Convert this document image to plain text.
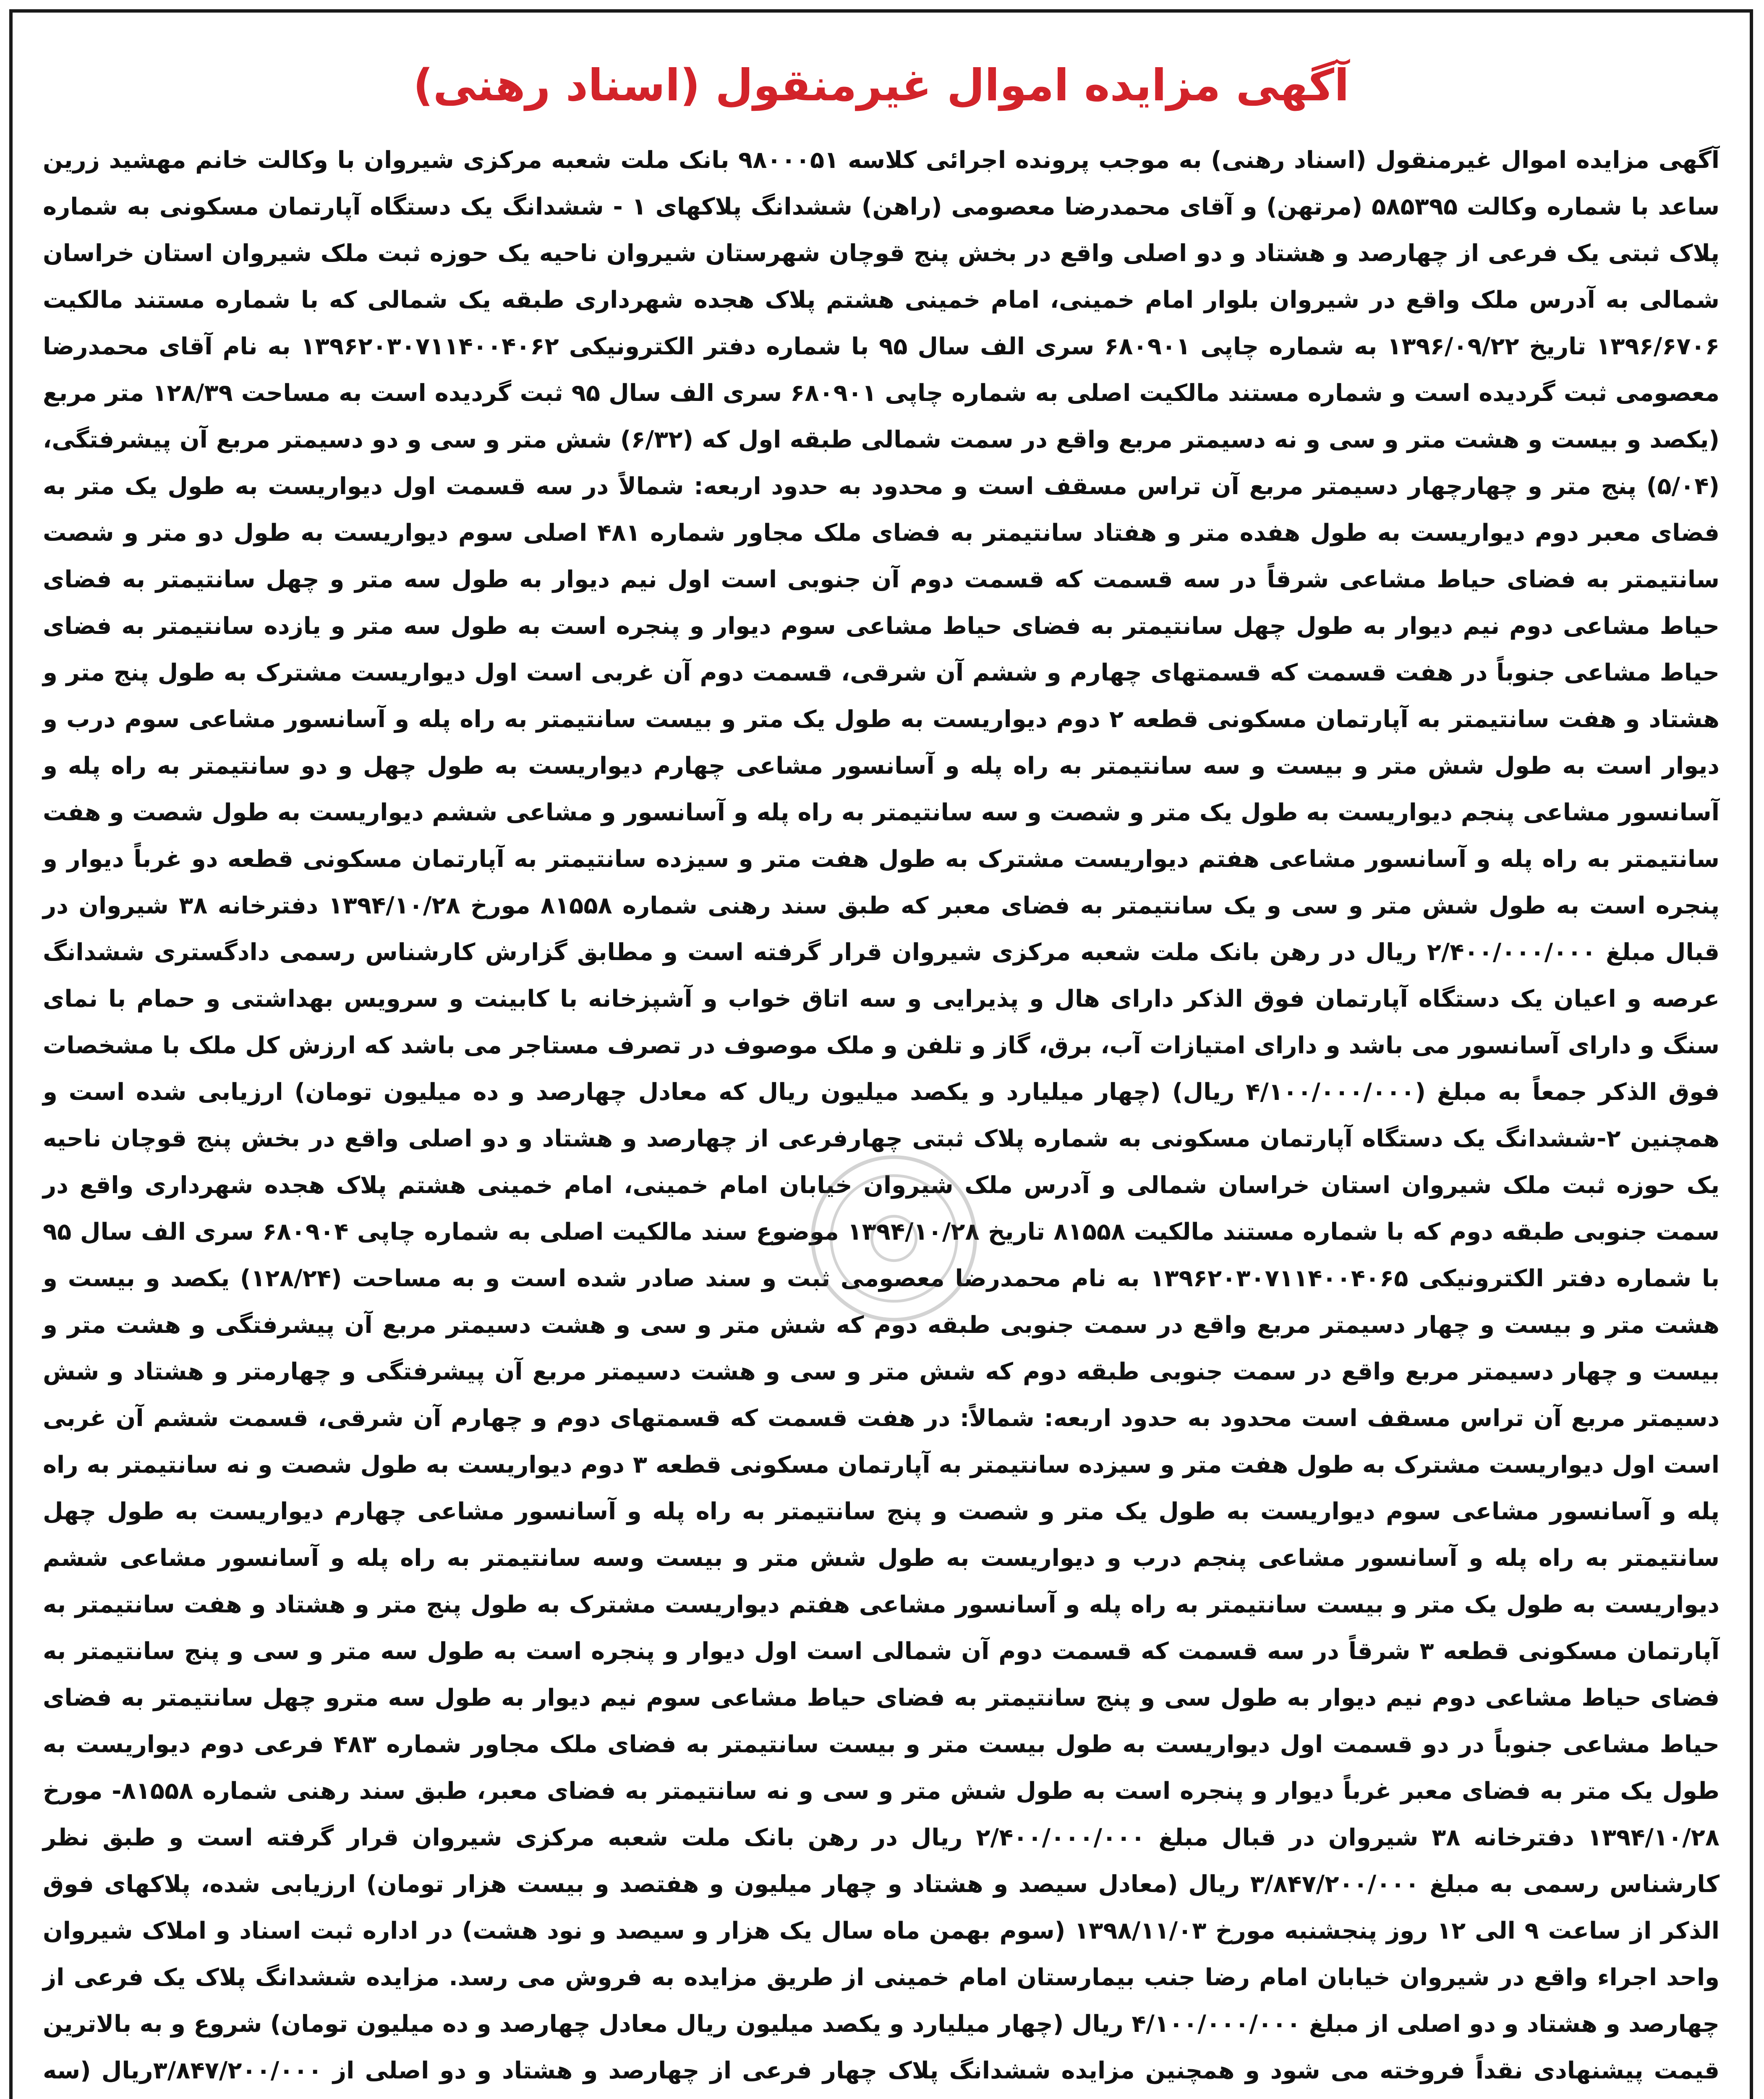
آگهی مزایده اموال غیرمنقول (اسناد رهنی)

آگهی مزایده اموال غیرمنقول (اسناد رهنی) به موجب پرونده اجرائی کلاسه ۹۸۰۰۰۵۱ بانک ملت شعبه مرکزی شیروان با وکالت خانم مهشید زرین ساعد با شماره وکالت ۵۸۵۳۹۵ (مرتهن) و آقای محمدرضا معصومی (راهن) ششدانگ پلاکهای ۱ - ششدانگ یک دستگاه آپارتمان مسکونی به شماره پلاک ثبتی یک فرعی از چهارصد و هشتاد و دو اصلی واقع در بخش پنج قوچان شهرستان شیروان ناحیه یک حوزه ثبت ملک شیروان استان خراسان شمالی به آدرس ملک واقع در شیروان بلوار امام خمینی، امام خمینی هشتم پلاک هجده شهرداری طبقه یک شمالی که با شماره مستند مالکیت ۱۳۹۶/۶۷۰۶ تاریخ ۱۳۹۶/۰۹/۲۲ به شماره چاپی ۶۸۰۹۰۱ سری الف سال ۹۵ با شماره دفتر الکترونیکی ۱۳۹۶۲۰۳۰۷۱۱۴۰۰۴۰۶۲ به نام آقای محمدرضا معصومی ثبت گردیده است و شماره مستند مالکیت اصلی به شماره چاپی ۶۸۰۹۰۱ سری الف سال ۹۵ ثبت گردیده است به مساحت ۱۲۸/۳۹ متر مربع (یکصد و بیست و هشت متر و سی و نه دسیمتر مربع واقع در سمت شمالی طبقه اول که (۶/۳۲) شش متر و سی و دو دسیمتر مربع آن پیشرفتگی، (۵/۰۴) پنج متر و چهارچهار دسیمتر مربع آن تراس مسقف است و محدود به حدود اربعه: شمالاً در سه قسمت اول دیواریست به طول یک متر به فضای معبر دوم دیواریست به طول هفده متر و هفتاد سانتیمتر به فضای ملک مجاور شماره ۴۸۱ اصلی سوم دیواریست به طول دو متر و شصت سانتیمتر به فضای حیاط مشاعی شرقاً در سه قسمت که قسمت دوم آن جنوبی است اول نیم دیوار به طول سه متر و چهل سانتیمتر به فضای حیاط مشاعی دوم نیم دیوار به طول چهل سانتیمتر به فضای حیاط مشاعی سوم دیوار و پنجره است به طول سه متر و یازده سانتیمتر به فضای حیاط مشاعی جنوباً در هفت قسمت که قسمتهای چهارم و ششم آن شرقی، قسمت دوم آن غربی است اول دیواریست مشترک به طول پنج متر و هشتاد و هفت سانتیمتر به آپارتمان مسکونی قطعه ۲ دوم دیواریست به طول یک متر و بیست سانتیمتر به راه پله و آسانسور مشاعی سوم درب و دیوار است به طول شش متر و بیست و سه سانتیمتر به راه پله و آسانسور مشاعی چهارم دیواریست به طول چهل و دو سانتیمتر به راه پله و آسانسور مشاعی پنجم دیواریست به طول یک متر و شصت و سه سانتیمتر به راه پله و آسانسور و مشاعی ششم دیواریست به طول شصت و هفت سانتیمتر به راه پله و آسانسور مشاعی هفتم دیواریست مشترک به طول هفت متر و سیزده سانتیمتر به آپارتمان مسکونی قطعه دو غرباً دیوار و پنجره است به طول شش متر و سی و یک سانتیمتر به فضای معبر که طبق سند رهنی شماره ۸۱۵۵۸ مورخ ۱۳۹۴/۱۰/۲۸ دفترخانه ۳۸ شیروان در قبال مبلغ ۲/۴۰۰/۰۰۰/۰۰۰ ریال در رهن بانک ملت شعبه مرکزی شیروان قرار گرفته است و مطابق گزارش کارشناس رسمی دادگستری ششدانگ عرصه و اعیان یک دستگاه آپارتمان فوق الذکر دارای هال و پذیرایی و سه اتاق خواب و آشپزخانه با کابینت و سرویس بهداشتی و حمام با نمای سنگ و دارای آسانسور می باشد و دارای امتیازات آب، برق، گاز و تلفن و ملک موصوف در تصرف مستاجر می باشد که ارزش کل ملک با مشخصات فوق الذکر جمعاً به مبلغ (۴/۱۰۰/۰۰۰/۰۰۰ ریال) (چهار میلیارد و یکصد میلیون ریال که معادل چهارصد و ده میلیون تومان) ارزیابی شده است و همچنین ۲-ششدانگ یک دستگاه آپارتمان مسکونی به شماره پلاک ثبتی چهارفرعی از چهارصد و هشتاد و دو اصلی واقع در بخش پنج قوچان ناحیه یک حوزه ثبت ملک شیروان استان خراسان شمالی و آدرس ملک شیروان خیابان امام خمینی، امام خمینی هشتم پلاک هجده شهرداری واقع در سمت جنوبی طبقه دوم که با شماره مستند مالکیت ۸۱۵۵۸ تاریخ ۱۳۹۴/۱۰/۲۸ موضوع سند مالکیت اصلی به شماره چاپی ۶۸۰۹۰۴ سری الف سال ۹۵ با شماره دفتر الکترونیکی ۱۳۹۶۲۰۳۰۷۱۱۴۰۰۴۰۶۵ به نام محمدرضا معصومی ثبت و سند صادر شده است و به مساحت (۱۲۸/۲۴) یکصد و بیست و هشت متر و بیست و چهار دسیمتر مربع واقع در سمت جنوبی طبقه دوم که شش متر و سی و هشت دسیمتر مربع آن پیشرفتگی و هشت متر و بیست و چهار دسیمتر مربع واقع در سمت جنوبی طبقه دوم که شش متر و سی و هشت دسیمتر مربع آن پیشرفتگی و چهارمتر و هشتاد و شش دسیمتر مربع آن تراس مسقف است محدود به حدود اربعه: شمالاً: در هفت قسمت که قسمتهای دوم و چهارم آن شرقی، قسمت ششم آن غربی است اول دیواریست مشترک به طول هفت متر و سیزده سانتیمتر به آپارتمان مسکونی قطعه ۳ دوم دیواریست به طول شصت و نه سانتیمتر به راه پله و آسانسور مشاعی سوم دیواریست به طول یک متر و شصت و پنج سانتیمتر به راه پله و آسانسور مشاعی چهارم دیواریست به طول چهل سانتیمتر به راه پله و آسانسور مشاعی پنجم درب و دیواریست به طول شش متر و بیست وسه سانتیمتر به راه پله و آسانسور مشاعی ششم دیواریست به طول یک متر و بیست سانتیمتر به راه پله و آسانسور مشاعی هفتم دیواریست مشترک به طول پنج متر و هشتاد و هفت سانتیمتر به آپارتمان مسکونی قطعه ۳ شرقاً در سه قسمت که قسمت دوم آن شمالی است اول دیوار و پنجره است به طول سه متر و سی و پنج سانتیمتر به فضای حیاط مشاعی دوم نیم دیوار به طول سی و پنج سانتیمتر به فضای حیاط مشاعی سوم نیم دیوار به طول سه مترو چهل سانتیمتر به فضای حیاط مشاعی جنوباً در دو قسمت اول دیواریست به طول بیست متر و بیست سانتیمتر به فضای ملک مجاور شماره ۴۸۳ فرعی دوم دیواریست به طول یک متر به فضای معبر غرباً دیوار و پنجره است به طول شش متر و سی و نه سانتیمتر به فضای معبر، طبق سند رهنی شماره ۸۱۵۵۸- مورخ ۱۳۹۴/۱۰/۲۸ دفترخانه ۳۸ شیروان در قبال مبلغ ۲/۴۰۰/۰۰۰/۰۰۰ ریال در رهن بانک ملت شعبه مرکزی شیروان قرار گرفته است و طبق نظر کارشناس رسمی به مبلغ ۳/۸۴۷/۲۰۰/۰۰۰ ریال (معادل سیصد و هشتاد و چهار میلیون و هفتصد و بیست هزار تومان) ارزیابی شده، پلاکهای فوق الذکر از ساعت ۹ الی ۱۲ روز پنجشنبه مورخ ۱۳۹۸/۱۱/۰۳ (سوم بهمن ماه سال یک هزار و سیصد و نود هشت) در اداره ثبت اسناد و املاک شیروان واحد اجراء واقع در شیروان خیابان امام رضا جنب بیمارستان امام خمینی از طریق مزایده به فروش می رسد. مزایده ششدانگ پلاک یک فرعی از چهارصد و هشتاد و دو اصلی از مبلغ ۴/۱۰۰/۰۰۰/۰۰۰ ریال (چهار میلیارد و یکصد میلیون ریال معادل چهارصد و ده میلیون تومان) شروع و به بالاترین قیمت پیشنهادی نقداً فروخته می شود و همچنین مزایده ششدانگ پلاک چهار فرعی از چهارصد و هشتاد و دو اصلی از ۳/۸۴۷/۲۰۰/۰۰۰ریال (سه
